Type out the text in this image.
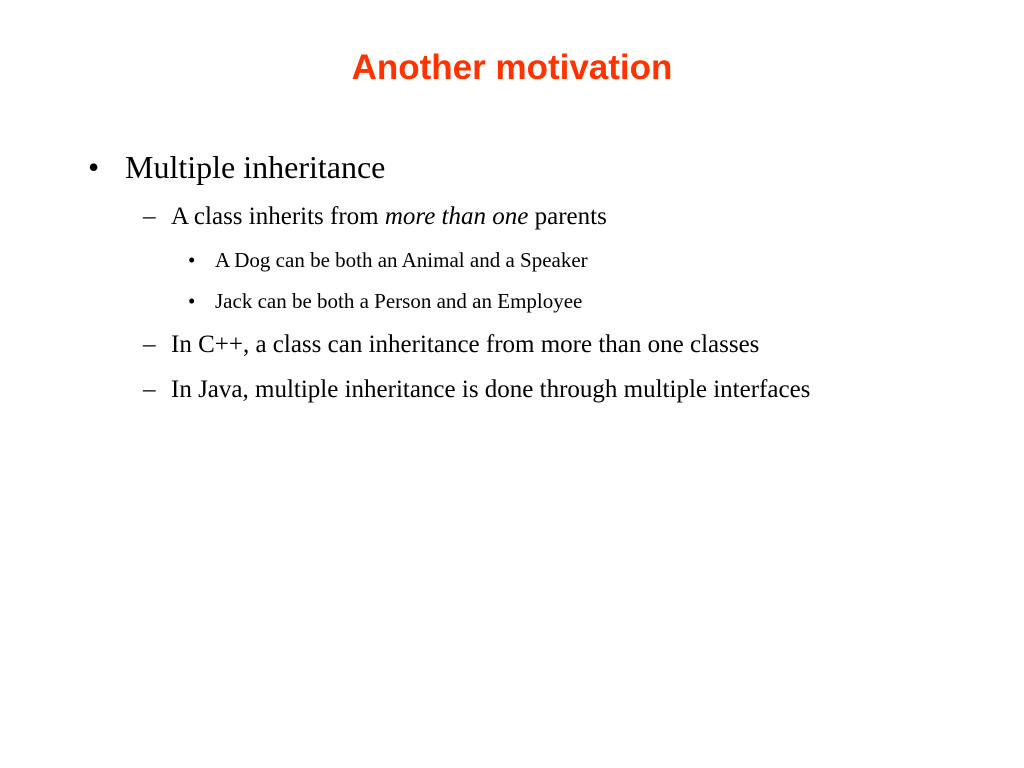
Another motivation
• Multiple inheritance
– A class inherits from more than one parents
• A Dog can be both an Animal and a Speaker
• Jack can be both a Person and an Employee
– In C++, a class can inheritance from more than one classes
– In Java, multiple inheritance is done through multiple interfaces
